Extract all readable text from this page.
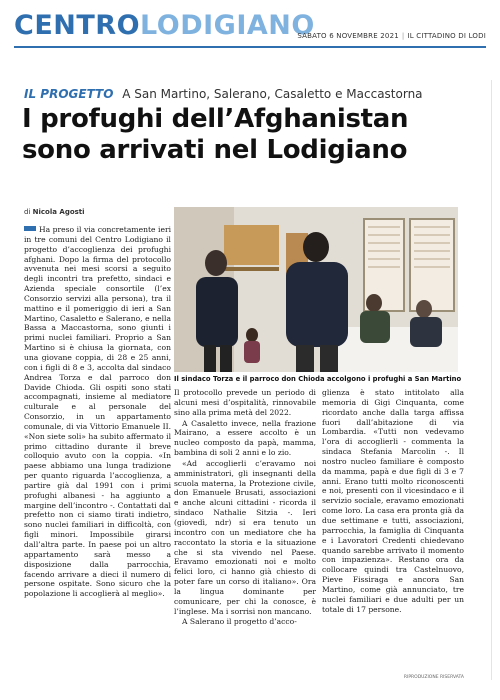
CENTROLODIGIANO
SABATO 6 NOVEMBRE 2021 | IL CITTADINO DI LODI
IL PROGETTO A San Martino, Salerano, Casaletto e Maccastorna
I profughi dell’Afghanistan
sono arrivati nel Lodigiano
di Nicola Agosti

Ha preso il via concretamente ieri in tre comuni del Centro Lodigiano il progetto d’accoglienza dei profughi afghani. Dopo la firma del protocollo avvenuta nei mesi scorsi a seguito degli incontri tra prefetto, sindaci e Azienda speciale consortile (l’ex Consorzio servizi alla persona), tra il mattino e il pomeriggio di ieri a San Martino, Casaletto e Salerano, e nella Bassa a Maccastorna, sono giunti i primi nuclei familiari. Proprio a San Martino si è chiusa la giornata, con una giovane coppia, di 28 e 25 anni, con i figli di 8 e 3, accolta dal sindaco Andrea Torza e dal parroco don Davide Chioda. Gli ospiti sono stati accompagnati, insieme al mediatore culturale e al personale del Consorzio, in un appartamento comunale, di via Vittorio Emanuele II. «Non siete soli» ha subito affermato il primo cittadino durante il breve colloquio avuto con la coppia. «In paese abbiamo una lunga tradizione per quanto riguarda l’accoglienza, a partire già dal 1991 con i primi profughi albanesi - ha aggiunto a margine dell’incontro -. Contattati dal prefetto non ci siamo tirati indietro, sono nuclei familiari in difficoltà, con figli minori. Impossibile girarsi dall’altra parte. In paese poi un altro appartamento sarà messo a disposizione dalla parrocchia, facendo arrivare a dieci il numero di persone ospitate. Sono sicuro che la popolazione li accoglierà al meglio».

Il sindaco Torza e il parroco don Chioda accolgono i profughi a San Martino

Il protocollo prevede un periodo di alcuni mesi d’ospitalità, rinnovabile sino alla prima metà del 2022.

A Casaletto invece, nella frazione Mairano, a essere accolto è un nucleo composto da papà, mamma, bambina di soli 2 anni e lo zio.

«Ad accoglierli c’eravamo noi amministratori, gli insegnanti della scuola materna, la Protezione civile, don Emanuele Brusati, associazioni e anche alcuni cittadini - ricorda il sindaco Nathalie Sitzia -. Ieri (giovedì, ndr) si era tenuto un incontro con un mediatore che ha raccontato la storia e la situazione che si sta vivendo nel Paese. Eravamo emozionati noi e molto felici loro, ci hanno già chiesto di poter fare un corso di italiano». Ora la lingua dominante per comunicare, per chi la conosce, è l’inglese. Ma i sorrisi non mancano.

A Salerano il progetto d’acco-

glienza è stato intitolato alla memoria di Gigi Cinquanta, come ricordato anche dalla targa affissa fuori dall’abitazione di via Lombardia. «Tutti non vedevamo l’ora di accoglierli - commenta la sindaca Stefania Marcolin -. Il nostro nucleo familiare è composto da mamma, papà e due figli di 3 e 7 anni. Erano tutti molto riconoscenti e noi, presenti con il vicesindaco e il servizio sociale, eravamo emozionati come loro. La casa era pronta già da due settimane e tutti, associazioni, parrocchia, la famiglia di Cinquanta e i Lavoratori Credenti chiedevano quando sarebbe arrivato il momento con impazienza». Restano ora da collocare quindi tra Castelnuovo, Pieve Fissiraga e ancora San Martino, come già annunciato, tre nuclei familiari e due adulti per un totale di 17 persone.

RIPRODUZIONE RISERVATA
